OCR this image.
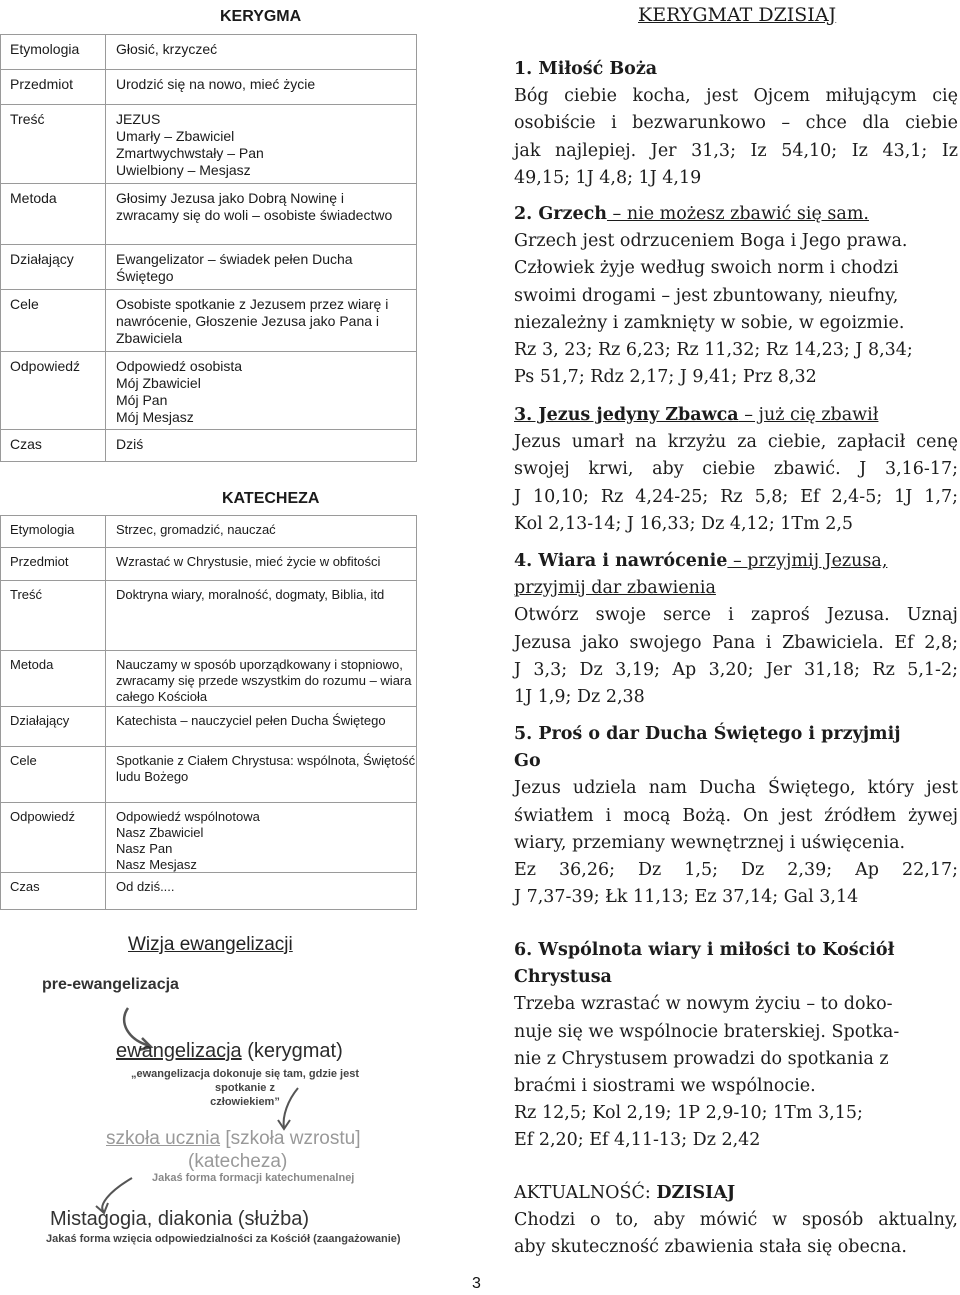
KERYGMA
Etymologia	Głosić, krzyczeć
Przedmiot	Urodzić się na nowo, mieć życie
Treść	JEZUS
Umarły – Zbawiciel
Zmartwychwstały – Pan
Uwielbiony – Mesjasz
Metoda	Głosimy Jezusa jako Dobrą Nowinę i
zwracamy się do woli – osobiste świadectwo
Działający	Ewangelizator – świadek pełen Ducha
Świętego
Cele	Osobiste spotkanie z Jezusem przez wiarę i
nawrócenie, Głoszenie Jezusa jako Pana i
Zbawiciela
Odpowiedź	Odpowiedź osobista
Mój Zbawiciel
Mój Pan
Mój Mesjasz
Czas	Dziś
KATECHEZA
Etymologia	Strzec, gromadzić, nauczać
Przedmiot	Wzrastać w Chrystusie, mieć życie w obfitości
Treść	Doktryna wiary, moralność, dogmaty, Biblia, itd
Metoda	Nauczamy w sposób uporządkowany i stopniowo,
zwracamy się przede wszystkim do rozumu – wiara
całego Kościoła
Działający	Katechista – nauczyciel pełen Ducha Świętego
Cele	Spotkanie z Ciałem Chrystusa: wspólnota, Świętość
ludu Bożego
Odpowiedź	Odpowiedź wspólnotowa
Nasz Zbawiciel
Nasz Pan
Nasz Mesjasz
Czas	Od dziś....
Wizja ewangelizacji
pre-ewangelizacja
ewangelizacja (kerygmat)
„ewangelizacja dokonuje się tam, gdzie jest spotkanie z
człowiekiem”
szkoła ucznia [szkoła wzrostu]
(katecheza)
Jakaś forma formacji katechumenalnej
Mistagogia, diakonia (służba)
Jakaś forma wzięcia odpowiedzialności za Kościół (zaangażowanie)
KERYGMAT DZISIAJ
1. Miłość Boża
Bóg ciebie kocha, jest Ojcem miłującym cię
osobiście i bezwarunkowo – chce dla ciebie
jak najlepiej. Jer 31,3; Iz 54,10; Iz 43,1; Iz
49,15; 1J 4,8; 1J 4,19
2. Grzech – nie możesz zbawić się sam.
Grzech jest odrzuceniem Boga i Jego prawa.
Człowiek żyje według swoich norm i chodzi
swoimi drogami – jest zbuntowany, nieufny,
niezależny i zamknięty w sobie, w egoizmie.
Rz 3, 23; Rz 6,23; Rz 11,32; Rz 14,23; J 8,34;
Ps 51,7; Rdz 2,17; J 9,41; Prz 8,32
3. Jezus jedyny Zbawca – już cię zbawił
Jezus umarł na krzyżu za ciebie, zapłacił cenę
swojej krwi, aby ciebie zbawić. J 3,16-17;
J 10,10; Rz 4,24-25; Rz 5,8; Ef 2,4-5; 1J 1,7;
Kol 2,13-14; J 16,33; Dz 4,12; 1Tm 2,5
4. Wiara i nawrócenie – przyjmij Jezusa,
przyjmij dar zbawienia
Otwórz swoje serce i zaproś Jezusa. Uznaj
Jezusa jako swojego Pana i Zbawiciela. Ef 2,8;
J 3,3; Dz 3,19; Ap 3,20; Jer 31,18; Rz 5,1-2;
1J 1,9; Dz 2,38
5. Proś o dar Ducha Świętego i przyjmij
Go
Jezus udziela nam Ducha Świętego, który jest
światłem i mocą Bożą. On jest źródłem żywej
wiary, przemiany wewnętrznej i uświęcenia.
Ez 36,26; Dz 1,5; Dz 2,39; Ap 22,17;
J 7,37-39; Łk 11,13; Ez 37,14; Gal 3,14
6. Wspólnota wiary i miłości to Kościół
Chrystusa
Trzeba wzrastać w nowym życiu – to doko-
nuje się we wspólnocie braterskiej. Spotka-
nie z Chrystusem prowadzi do spotkania z
braćmi i siostrami we wspólnocie.
Rz 12,5; Kol 2,19; 1P 2,9-10; 1Tm 3,15;
Ef 2,20; Ef 4,11-13; Dz 2,42
AKTUALNOŚĆ: DZISIAJ
Chodzi o to, aby mówić w sposób aktualny,
aby skuteczność zbawienia stała się obecna.
3
